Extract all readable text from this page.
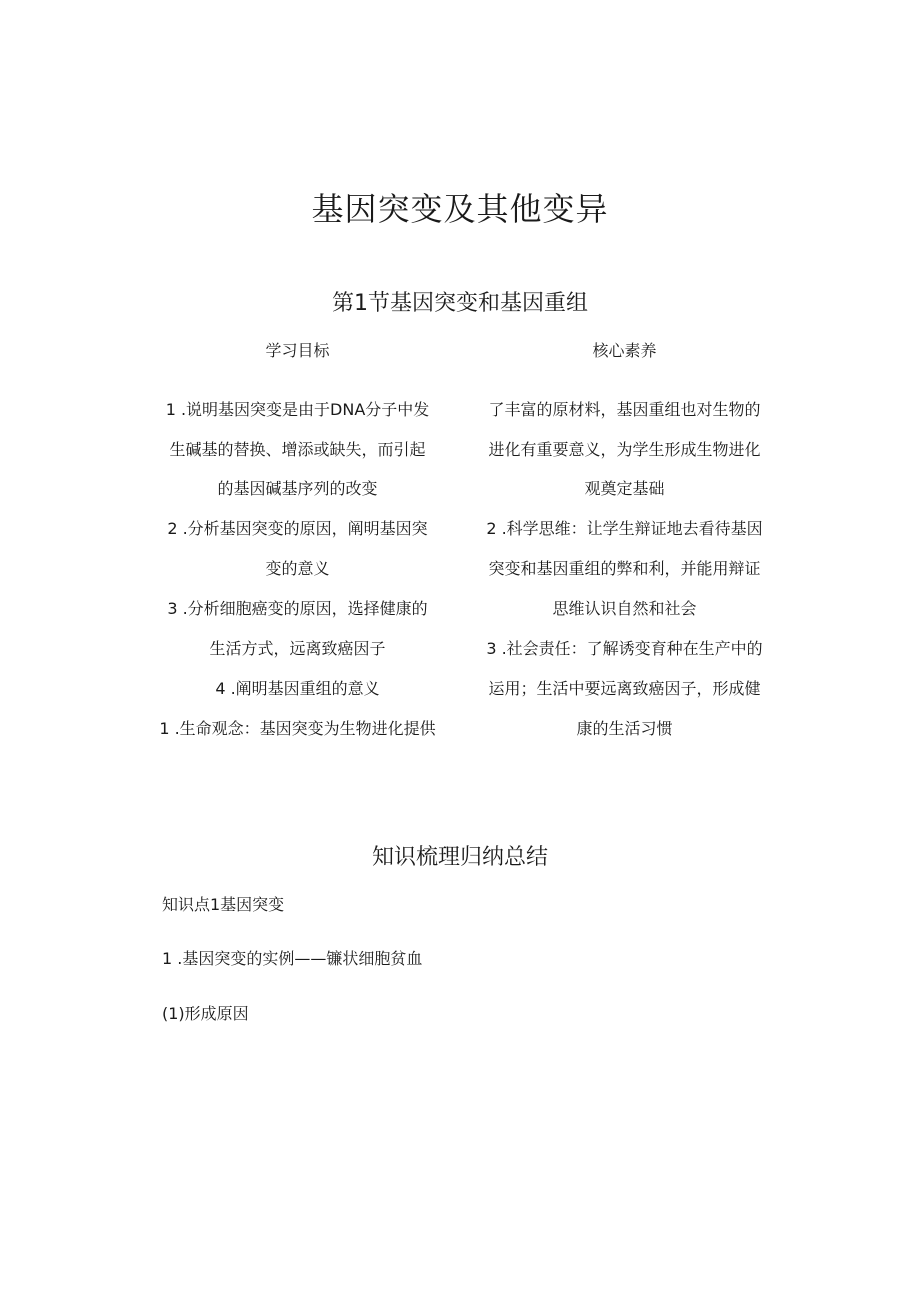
基因突变及其他变异
第1节基因突变和基因重组
学习目标	核心素养
1 .说明基因突变是由于DNA分子中发
生碱基的替换、增添或缺失，而引起
的基因碱基序列的改变
2 .分析基因突变的原因，阐明基因突
变的意义
3 .分析细胞癌变的原因，选择健康的
生活方式，远离致癌因子
4 .阐明基因重组的意义
1 .生命观念：基因突变为生物进化提供
了丰富的原材料，基因重组也对生物的
进化有重要意义，为学生形成生物进化
观奠定基础
2 .科学思维：让学生辩证地去看待基因
突变和基因重组的弊和利，并能用辩证
思维认识自然和社会
3 .社会责任：了解诱变育种在生产中的
运用；生活中要远离致癌因子，形成健
康的生活习惯
知识梳理归纳总结
知识点1基因突变
1 .基因突变的实例——镰状细胞贫血
(1)形成原因
